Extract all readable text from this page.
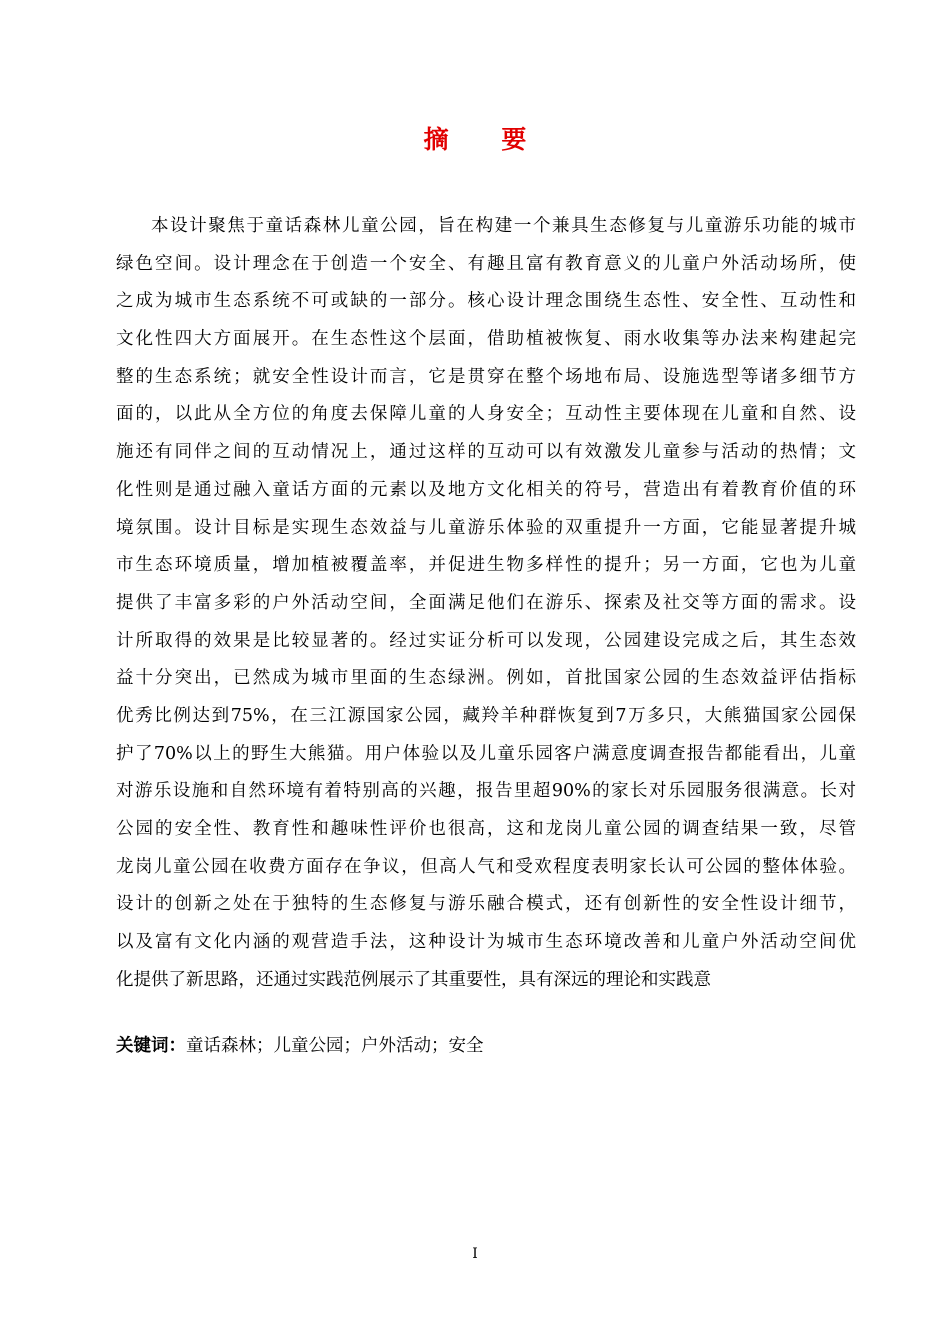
摘 要
本设计聚焦于童话森林儿童公园，旨在构建一个兼具生态修复与儿童游乐功能的城市
绿色空间。设计理念在于创造一个安全、有趣且富有教育意义的儿童户外活动场所，使
之成为城市生态系统不可或缺的一部分。核心设计理念围绕生态性、安全性、互动性和
文化性四大方面展开。在生态性这个层面，借助植被恢复、雨水收集等办法来构建起完
整的生态系统；就安全性设计而言，它是贯穿在整个场地布局、设施选型等诸多细节方
面的，以此从全方位的角度去保障儿童的人身安全；互动性主要体现在儿童和自然、设
施还有同伴之间的互动情况上，通过这样的互动可以有效激发儿童参与活动的热情；文
化性则是通过融入童话方面的元素以及地方文化相关的符号，营造出有着教育价值的环
境氛围。设计目标是实现生态效益与儿童游乐体验的双重提升一方面，它能显著提升城
市生态环境质量，增加植被覆盖率，并促进生物多样性的提升；另一方面，它也为儿童
提供了丰富多彩的户外活动空间，全面满足他们在游乐、探索及社交等方面的需求。设
计所取得的效果是比较显著的。经过实证分析可以发现，公园建设完成之后，其生态效
益十分突出，已然成为城市里面的生态绿洲。例如，首批国家公园的生态效益评估指标
优秀比例达到75%，在三江源国家公园，藏羚羊种群恢复到7万多只，大熊猫国家公园保
护了70%以上的野生大熊猫。用户体验以及儿童乐园客户满意度调查报告都能看出，儿童
对游乐设施和自然环境有着特别高的兴趣，报告里超90%的家长对乐园服务很满意。长对
公园的安全性、教育性和趣味性评价也很高，这和龙岗儿童公园的调查结果一致，尽管
龙岗儿童公园在收费方面存在争议，但高人气和受欢程度表明家长认可公园的整体体验。
设计的创新之处在于独特的生态修复与游乐融合模式，还有创新性的安全性设计细节，
以及富有文化内涵的观营造手法，这种设计为城市生态环境改善和儿童户外活动空间优
化提供了新思路，还通过实践范例展示了其重要性，具有深远的理论和实践意
关键词：童话森林；儿童公园；户外活动；安全
I
